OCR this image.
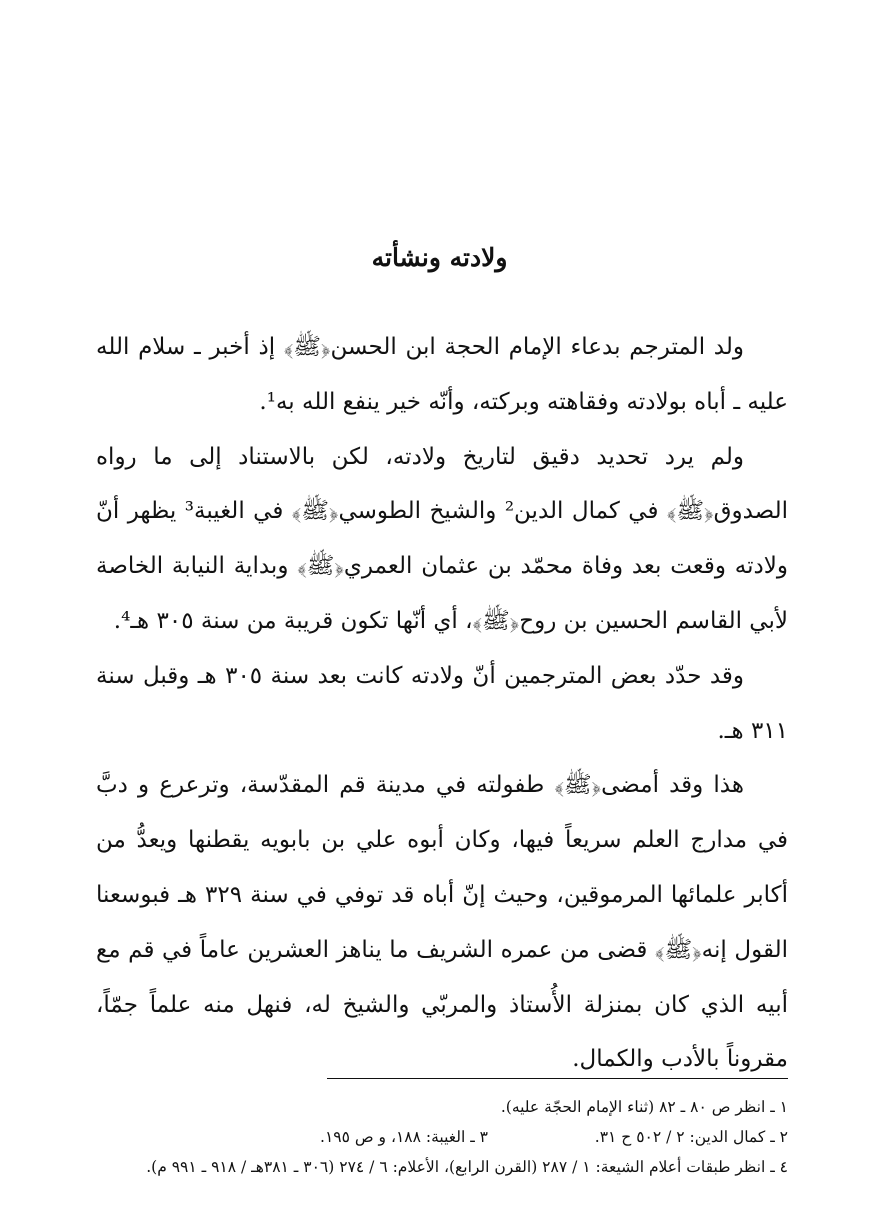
ولادته ونشأته

ولد المترجم بدعاء الإمام الحجة ابن الحسن﴿ﷺ﴾ إذ أخبر ـ سلام الله عليه ـ أباه بولادته وفقاهته وبركته، وأنّه خير ينفع الله به¹.

ولم يرد تحديد دقيق لتاريخ ولادته، لكن بالاستناد إلى ما رواه الصدوق﴿ﷺ﴾ في كمال الدين² والشيخ الطوسي﴿ﷺ﴾ في الغيبة³ يظهر أنّ ولادته وقعت بعد وفاة محمّد بن عثمان العمري﴿ﷺ﴾ وبداية النيابة الخاصة لأبي القاسم الحسين بن روح﴿ﷺ﴾، أي أنّها تكون قريبة من سنة ٣٠٥ هـ⁴.

وقد حدّد بعض المترجمين أنّ ولادته كانت بعد سنة ٣٠٥ هـ وقبل سنة ٣١١ هـ.

هذا وقد أمضى﴿ﷺ﴾ طفولته في مدينة قم المقدّسة، وترعرع و دبَّ في مدارج العلم سريعاً فيها، وكان أبوه علي بن بابويه يقطنها ويعدُّ من أكابر علمائها المرموقين، وحيث إنّ أباه قد توفي في سنة ٣٢٩ هـ فبوسعنا القول إنه﴿ﷺ﴾ قضى من عمره الشريف ما يناهز العشرين عاماً في قم مع أبيه الذي كان بمنزلة الأُستاذ والمربّي والشيخ له، فنهل منه علماً جمّاً، مقروناً بالأدب والكمال.

١ ـ انظر ص ٨٠ ـ ٨٢ (ثناء الإمام الحجّة عليه).

٢ ـ كمال الدين: ٢ / ٥٠٢ ح ٣١.

٣ ـ الغيبة: ١٨٨، و ص ١٩٥.

٤ ـ انظر طبقات أعلام الشيعة: ١ / ٢٨٧ (القرن الرابع)، الأعلام: ٦ / ٢٧٤ (٣٠٦ ـ ٣٨١هـ / ٩١٨ ـ ٩٩١ م).
